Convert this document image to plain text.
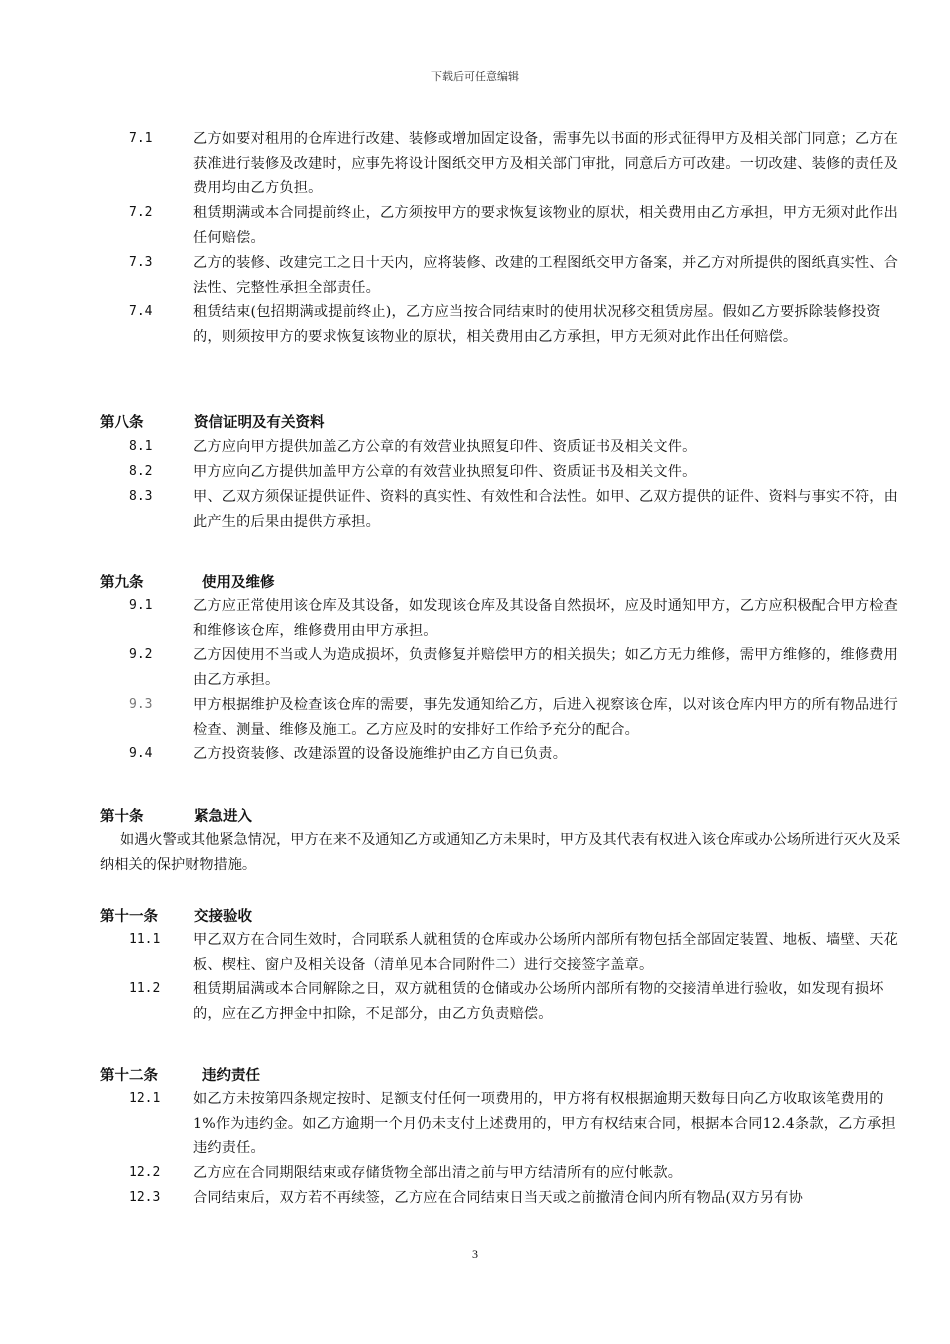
下载后可任意编辑
7.1	乙方如要对租用的仓库进行改建、装修或增加固定设备，需事先以书面的形式征得甲方及相关部门同意；乙方在获准进行装修及改建时，应事先将设计图纸交甲方及相关部门审批，同意后方可改建。一切改建、装修的责任及费用均由乙方负担。
7.2	租赁期满或本合同提前终止，乙方须按甲方的要求恢复该物业的原状，相关费用由乙方承担，甲方无须对此作出任何赔偿。
7.3	乙方的装修、改建完工之日十天内，应将装修、改建的工程图纸交甲方备案，并乙方对所提供的图纸真实性、合法性、完整性承担全部责任。
7.4	租赁结束(包招期满或提前终止)，乙方应当按合同结束时的使用状况移交租赁房屋。假如乙方要拆除装修投资的，则须按甲方的要求恢复该物业的原状，相关费用由乙方承担，甲方无须对此作出任何赔偿。
第八条	资信证明及有关资料
8.1	乙方应向甲方提供加盖乙方公章的有效营业执照复印件、资质证书及相关文件。
8.2	甲方应向乙方提供加盖甲方公章的有效营业执照复印件、资质证书及相关文件。
8.3	甲、乙双方须保证提供证件、资料的真实性、有效性和合法性。如甲、乙双方提供的证件、资料与事实不符，由此产生的后果由提供方承担。
第九条	使用及维修
9.1	乙方应正常使用该仓库及其设备，如发现该仓库及其设备自然损坏，应及时通知甲方，乙方应积极配合甲方检查和维修该仓库，维修费用由甲方承担。
9.2	乙方因使用不当或人为造成损坏，负责修复并赔偿甲方的相关损失；如乙方无力维修，需甲方维修的，维修费用由乙方承担。
9.3	甲方根据维护及检查该仓库的需要，事先发通知给乙方，后进入视察该仓库，以对该仓库内甲方的所有物品进行检查、测量、维修及施工。乙方应及时的安排好工作给予充分的配合。
9.4	乙方投资装修、改建添置的设备设施维护由乙方自已负责。
第十条	紧急进入
如遇火警或其他紧急情况，甲方在来不及通知乙方或通知乙方未果时，甲方及其代表有权进入该仓库或办公场所进行灭火及采纳相关的保护财物措施。
第十一条 交接验收
11.1	甲乙双方在合同生效时，合同联系人就租赁的仓库或办公场所内部所有物包括全部固定装置、地板、墙壁、天花板、楔柱、窗户及相关设备（清单见本合同附件二）进行交接签字盖章。
11.2	租赁期届满或本合同解除之日，双方就租赁的仓储或办公场所内部所有物的交接清单进行验收，如发现有损坏的，应在乙方押金中扣除，不足部分，由乙方负责赔偿。
第十二条	违约责任
12.1	如乙方未按第四条规定按时、足额支付任何一项费用的，甲方将有权根据逾期天数每日向乙方收取该笔费用的1%作为违约金。如乙方逾期一个月仍未支付上述费用的，甲方有权结束合同，根据本合同12.4条款，乙方承担违约责任。
12.2	乙方应在合同期限结束或存储货物全部出清之前与甲方结清所有的应付帐款。
12.3	合同结束后，双方若不再续签，乙方应在合同结束日当天或之前撤清仓间内所有物品(双方另有协
3
